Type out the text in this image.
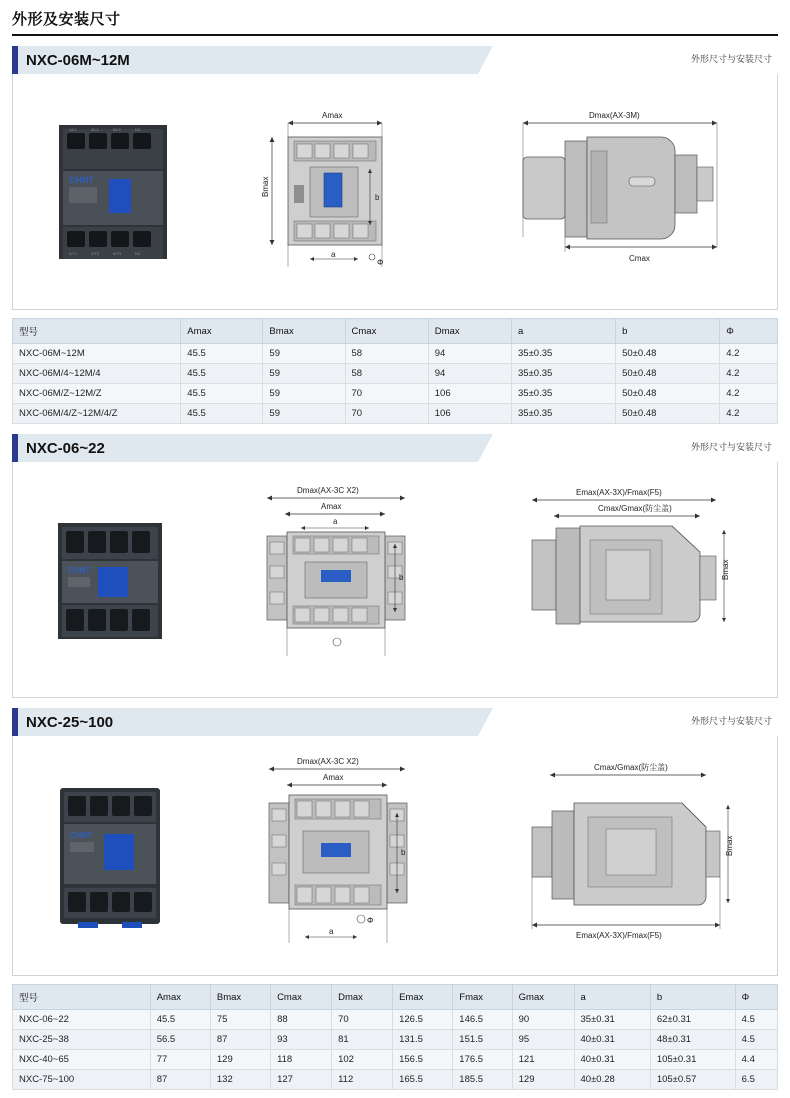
外形及安装尺寸
NXC-06M~12M	外形尺寸与安装尺寸
1/L1	3/L2	5/L3	NC
CHNT
2/T1	4/T2	6/T3	NC
Amax
Bmax
b
a
Φ
Dmax(AX-3M)
Cmax
型号	Amax	Bmax	Cmax	Dmax	a	b	Φ
NXC-06M~12M	45.5	59	58	94	35±0.35	50±0.48	4.2
NXC-06M/4~12M/4	45.5	59	58	94	35±0.35	50±0.48	4.2
NXC-06M/Z~12M/Z	45.5	59	70	106	35±0.35	50±0.48	4.2
NXC-06M/4/Z~12M/4/Z	45.5	59	70	106	35±0.35	50±0.48	4.2
NXC-06~22	外形尺寸与安装尺寸
CHNT
Dmax(AX-3C X2)
Amax
a
b
Emax(AX-3X)/Fmax(F5)
Cmax/Gmax(防尘盖)
Bmax
NXC-25~100	外形尺寸与安装尺寸
CHNT
Dmax(AX-3C X2)
Amax
b
Φ
a
Cmax/Gmax(防尘盖)
Bmax
Emax(AX-3X)/Fmax(F5)
型号	Amax	Bmax	Cmax	Dmax	Emax	Fmax	Gmax	a	b	Φ
NXC-06~22	45.5	75	88	70	126.5	146.5	90	35±0.31	62±0.31	4.5
NXC-25~38	56.5	87	93	81	131.5	151.5	95	40±0.31	48±0.31	4.5
NXC-40~65	77	129	118	102	156.5	176.5	121	40±0.31	105±0.31	4.4
NXC-75~100	87	132	127	112	165.5	185.5	129	40±0.28	105±0.57	6.5
